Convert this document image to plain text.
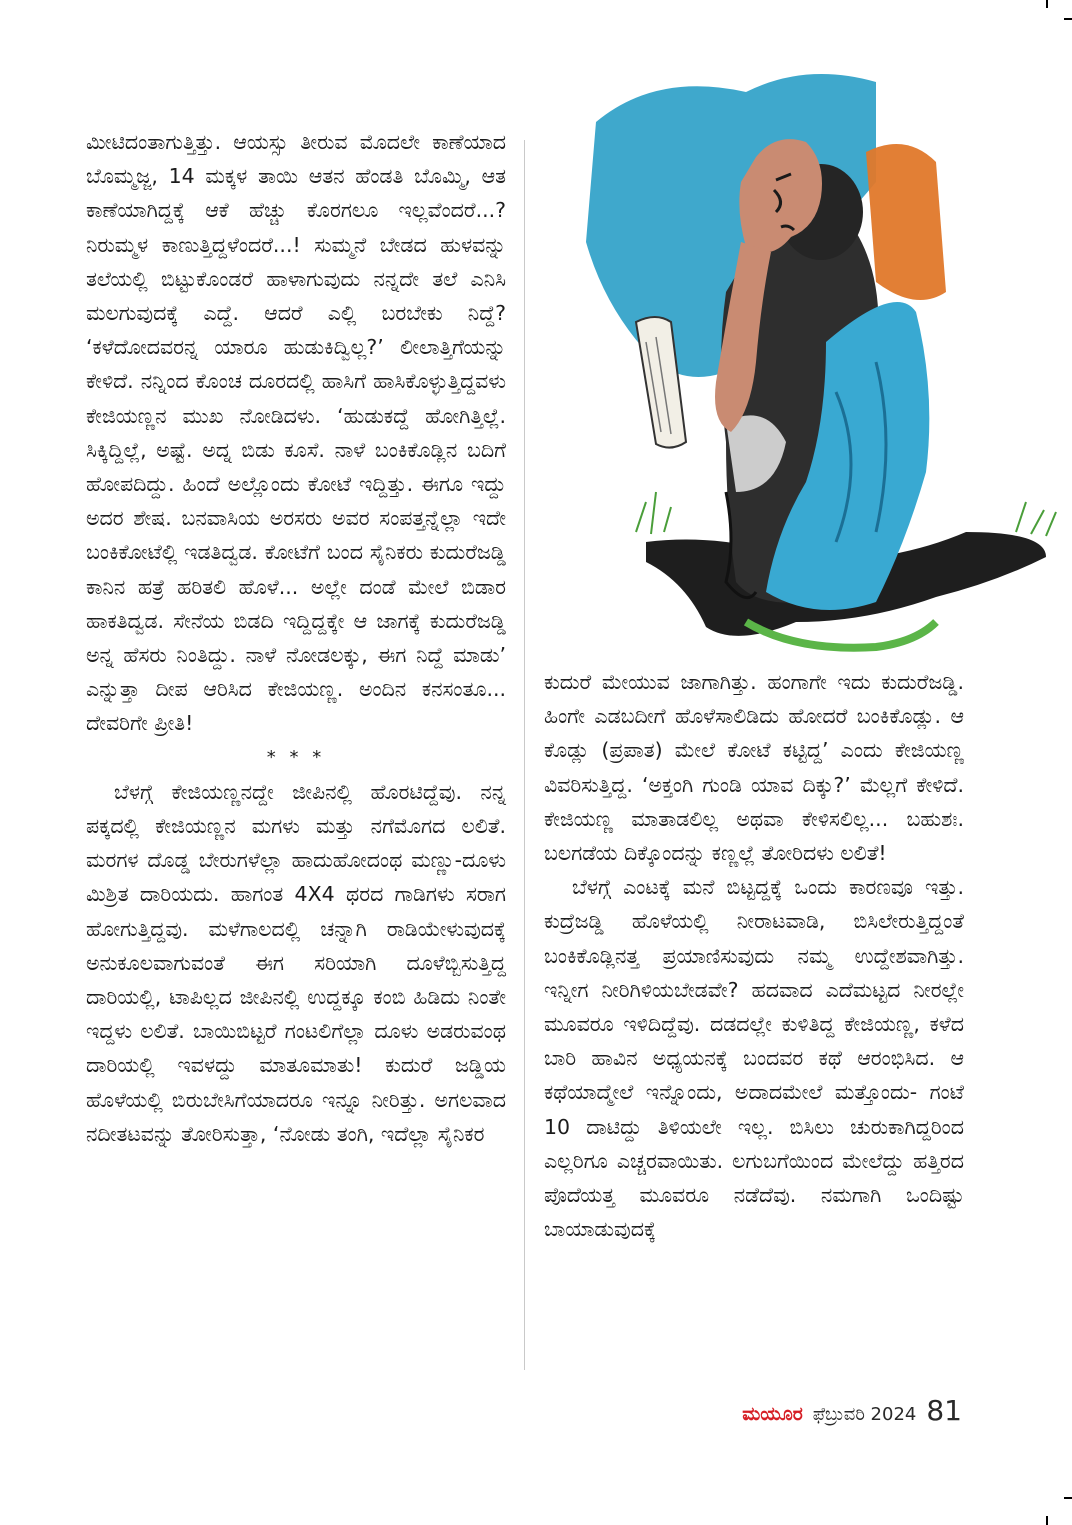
ಮೀಟಿದಂತಾಗುತ್ತಿತ್ತು. ಆಯಸ್ಸು ತೀರುವ ಮೊದಲೇ ಕಾಣೆಯಾದ ಬೊಮ್ಮಜ್ಜ, 14 ಮಕ್ಕಳ ತಾಯಿ ಆತನ ಹೆಂಡತಿ ಬೊಮ್ಮಿ, ಆತ ಕಾಣೆಯಾಗಿದ್ದಕ್ಕೆ ಆಕೆ ಹೆಚ್ಚು ಕೊರಗಲೂ ಇಲ್ಲವೆಂದರೆ...? ನಿರುಮ್ಮಳ ಕಾಣುತ್ತಿದ್ದಳೆಂದರೆ...! ಸುಮ್ಮನೆ ಬೇಡದ ಹುಳವನ್ನು ತಲೆಯಲ್ಲಿ ಬಿಟ್ಟುಕೊಂಡರೆ ಹಾಳಾಗುವುದು ನನ್ನದೇ ತಲೆ ಎನಿಸಿ ಮಲಗುವುದಕ್ಕೆ ಎದ್ದೆ. ಆದರೆ ಎಲ್ಲಿ ಬರಬೇಕು ನಿದ್ದೆ? ‘ಕಳೆದೋದವರನ್ನ ಯಾರೂ ಹುಡುಕಿದ್ವಿಲ್ಲ?’ ಲೀಲಾತ್ತಿಗೆಯನ್ನು ಕೇಳಿದೆ. ನನ್ನಿಂದ ಕೊಂಚ ದೂರದಲ್ಲಿ ಹಾಸಿಗೆ ಹಾಸಿಕೊಳ್ಳುತ್ತಿದ್ದವಳು ಕೇಜಿಯಣ್ಣನ ಮುಖ ನೋಡಿದಳು. ‘ಹುಡುಕದ್ದೆ ಹೋಗಿತ್ತಿಲ್ಲೆ. ಸಿಕ್ಕಿದ್ದಿಲ್ಲೆ, ಅಷ್ಟೆ. ಅದ್ನ ಬಿಡು ಕೂಸೆ. ನಾಳೆ ಬಂಕಿಕೊಡ್ಲಿನ ಬದಿಗೆ ಹೋಪದಿದ್ದು. ಹಿಂದೆ ಅಲ್ಲೊಂದು ಕೋಟೆ ಇದ್ದಿತ್ತು. ಈಗೂ ಇದ್ದು ಅದರ ಶೇಷ. ಬನವಾಸಿಯ ಅರಸರು ಅವರ ಸಂಪತ್ತನ್ನೆಲ್ಲಾ ಇದೇ ಬಂಕಿಕೋಟೆಲ್ಲಿ ಇಡತಿದ್ವಡ. ಕೋಟೆಗೆ ಬಂದ ಸೈನಿಕರು ಕುದುರೆಜಡ್ಡಿ ಕಾನಿನ ಹತ್ರೆ ಹರಿತಲಿ ಹೊಳೆ... ಅಲ್ಲೇ ದಂಡೆ ಮೇಲೆ ಬಿಡಾರ ಹಾಕತಿದ್ವಡ. ಸೇನೆಯ ಬಿಡದಿ ಇದ್ದಿದ್ದಕ್ಕೇ ಆ ಜಾಗಕ್ಕೆ ಕುದುರೆಜಡ್ಡಿ ಅನ್ನ ಹೆಸರು ನಿಂತಿದ್ದು. ನಾಳೆ ನೋಡಲಕ್ಕು, ಈಗ ನಿದ್ದೆ ಮಾಡು’ ಎನ್ನುತ್ತಾ ದೀಪ ಆರಿಸಿದ ಕೇಜಿಯಣ್ಣ. ಅಂದಿನ ಕನಸಂತೂ... ದೇವರಿಗೇ ಪ್ರೀತಿ!

* * *

ಬೆಳಗ್ಗೆ ಕೇಜಿಯಣ್ಣನದ್ದೇ ಜೀಪಿನಲ್ಲಿ ಹೊರಟಿದ್ದೆವು. ನನ್ನ ಪಕ್ಕದಲ್ಲಿ ಕೇಜಿಯಣ್ಣನ ಮಗಳು ಮತ್ತು ನಗೆಮೊಗದ ಲಲಿತೆ. ಮರಗಳ ದೊಡ್ಡ ಬೇರುಗಳೆಲ್ಲಾ ಹಾದುಹೋದಂಥ ಮಣ್ಣು-ದೂಳು ಮಿಶ್ರಿತ ದಾರಿಯದು. ಹಾಗಂತ 4X4 ಥರದ ಗಾಡಿಗಳು ಸರಾಗ ಹೋಗುತ್ತಿದ್ದವು. ಮಳೆಗಾಲದಲ್ಲಿ ಚನ್ನಾಗಿ ರಾಡಿಯೇಳುವುದಕ್ಕೆ ಅನುಕೂಲವಾಗುವಂತೆ ಈಗ ಸರಿಯಾಗಿ ದೂಳೆಬ್ಬಿಸುತ್ತಿದ್ದ ದಾರಿಯಲ್ಲಿ, ಟಾಪಿಲ್ಲದ ಜೀಪಿನಲ್ಲಿ ಉದ್ದಕ್ಕೂ ಕಂಬಿ ಹಿಡಿದು ನಿಂತೇ ಇದ್ದಳು ಲಲಿತೆ. ಬಾಯಿಬಿಟ್ಟರೆ ಗಂಟಲಿಗೆಲ್ಲಾ ದೂಳು ಅಡರುವಂಥ ದಾರಿಯಲ್ಲಿ ಇವಳದ್ದು ಮಾತೂಮಾತು! ಕುದುರೆ ಜಡ್ಡಿಯ ಹೊಳೆಯಲ್ಲಿ ಬಿರುಬೇಸಿಗೆಯಾದರೂ ಇನ್ನೂ ನೀರಿತ್ತು. ಅಗಲವಾದ ನದೀತಟವನ್ನು ತೋರಿಸುತ್ತಾ, ‘ನೋಡು ತಂಗಿ, ಇದೆಲ್ಲಾ ಸೈನಿಕರ

ಕುದುರೆ ಮೇಯುವ ಜಾಗಾಗಿತ್ತು. ಹಂಗಾಗೇ ಇದು ಕುದುರೆಜಡ್ಡಿ. ಹಿಂಗೇ ಎಡಬದೀಗೆ ಹೊಳೆಸಾಲಿಡಿದು ಹೋದರೆ ಬಂಕಿಕೊಡ್ಲು. ಆ ಕೊಡ್ಲು (ಪ್ರಪಾತ) ಮೇಲೆ ಕೋಟೆ ಕಟ್ಟಿದ್ದ’ ಎಂದು ಕೇಜಿಯಣ್ಣ ವಿವರಿಸುತ್ತಿದ್ದ. ‘ಅಕ್ತಂಗಿ ಗುಂಡಿ ಯಾವ ದಿಕ್ಕು?’ ಮೆಲ್ಲಗೆ ಕೇಳಿದೆ. ಕೇಜಿಯಣ್ಣ ಮಾತಾಡಲಿಲ್ಲ ಅಥವಾ ಕೇಳಿಸಲಿಲ್ಲ... ಬಹುಶಃ. ಬಲಗಡೆಯ ದಿಕ್ಕೊಂದನ್ನು ಕಣ್ಣಲ್ಲೆ ತೋರಿದಳು ಲಲಿತೆ!

ಬೆಳಗ್ಗೆ ಎಂಟಕ್ಕೆ ಮನೆ ಬಿಟ್ಟದ್ದಕ್ಕೆ ಒಂದು ಕಾರಣವೂ ಇತ್ತು. ಕುದ್ರೆಜಡ್ಡಿ ಹೊಳೆಯಲ್ಲಿ ನೀರಾಟವಾಡಿ, ಬಿಸಿಲೇರುತ್ತಿದ್ದಂತೆ ಬಂಕಿಕೊಡ್ಲಿನತ್ತ ಪ್ರಯಾಣಿಸುವುದು ನಮ್ಮ ಉದ್ದೇಶವಾಗಿತ್ತು. ಇನ್ನೀಗ ನೀರಿಗಿಳಿಯಬೇಡವೇ? ಹದವಾದ ಎದೆಮಟ್ಟದ ನೀರಲ್ಲೇ ಮೂವರೂ ಇಳಿದಿದ್ದೆವು. ದಡದಲ್ಲೇ ಕುಳಿತಿದ್ದ ಕೇಜಿಯಣ್ಣ, ಕಳೆದ ಬಾರಿ ಹಾವಿನ ಅಧ್ಯಯನಕ್ಕೆ ಬಂದವರ ಕಥೆ ಆರಂಭಿಸಿದ. ಆ ಕಥೆಯಾದ್ಮೇಲೆ ಇನ್ನೊಂದು, ಅದಾದಮೇಲೆ ಮತ್ತೊಂದು- ಗಂಟೆ 10 ದಾಟಿದ್ದು ತಿಳಿಯಲೇ ಇಲ್ಲ. ಬಿಸಿಲು ಚುರುಕಾಗಿದ್ದರಿಂದ ಎಲ್ಲರಿಗೂ ಎಚ್ಚರವಾಯಿತು. ಲಗುಬಗೆಯಿಂದ ಮೇಲೆದ್ದು ಹತ್ತಿರದ ಪೊದೆಯತ್ತ ಮೂವರೂ ನಡೆದೆವು. ನಮಗಾಗಿ ಒಂದಿಷ್ಟು ಬಾಯಾಡುವುದಕ್ಕೆ

ಮಯೂರ ಫೆಬ್ರುವರಿ 2024 81
